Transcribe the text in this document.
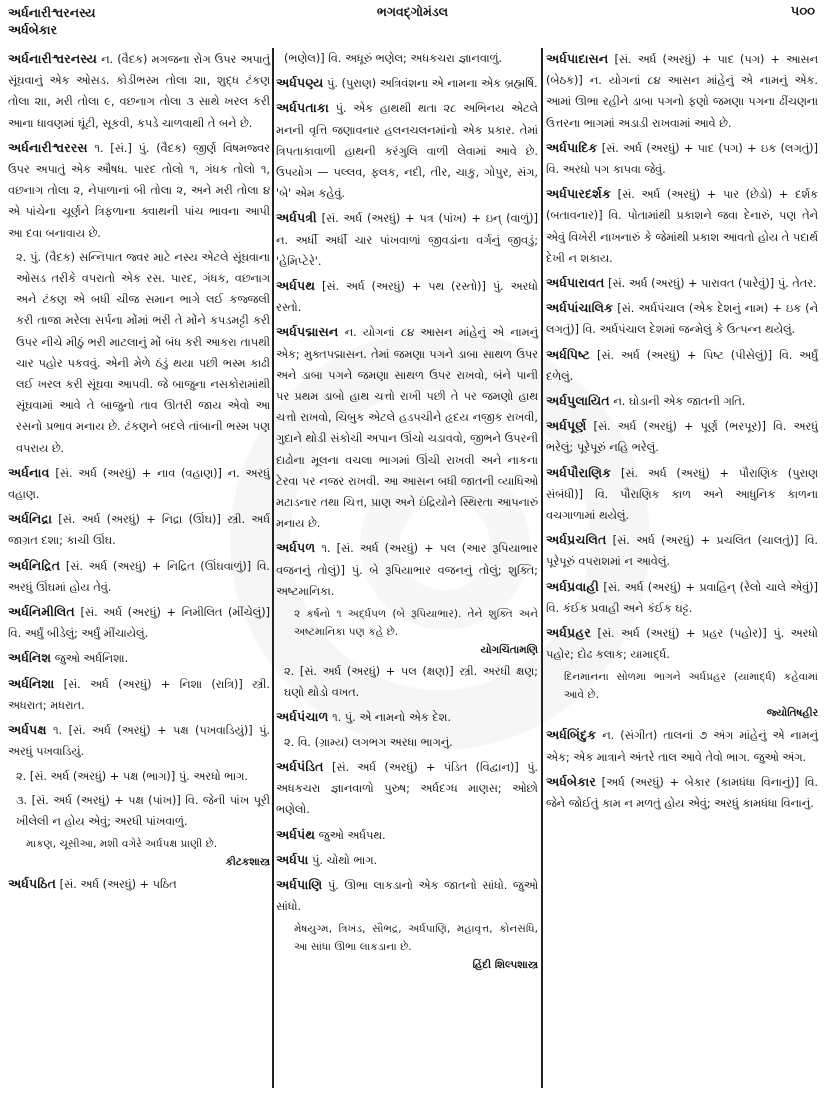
અર્ધનારીશ્વરનસ્ય
અર્ધબેકાર
ભગવદ્ગોમંડલ	૫૦૦
અર્ધનારીશ્વરનસ્ય ન. (વૈદક) મગજના રોગ ઉપર અપાતું સૂંઘવાનું એક ઓસડ. કોડીભસ્મ તોલા ૨॥, શુદ્ધ ટંકણ તોલા ૨॥, મરી તોલા ૯, વછનાગ તોલા ૩ સાથે ખરલ કરી આના ધાવણમાં ઘૂંટી, સૂકવી, કપડે ચાળવાથી તે બને છે.
અર્ધનારીશ્વરરસ ૧. [સં.] પું. (વૈદક) જીર્ણ વિષમજ્વર ઉપર અપાતું એક ઔષધ. પારદ તોલો ૧, ગંધક તોલો ૧, વછનાગ તોલા ૨, નેપાળાનાં બી તોલા ૨, અને મરી તોલા ૪ એ પાંચેના ચૂર્ણને ત્રિફળાના ક્વાથની પાંચ ભાવના આપી આ દવા બનાવાય છે.
૨. પું. (વૈદક) સન્નિપાત જ્વર માટે નસ્ય એટલે સૂંઘવાના ઓસડ તરીકે વપરાતો એક રસ. પારદ, ગંધક, વછનાગ અને ટંકણ એ બધી ચીજ સમાન ભાગે લઈ કજ્જલી કરી તાજા મરેલા સર્પના મોંમાં ભરી તે મોંને કપડમટ્ટી કરી ઉપર નીચે મીઠું ભરી માટલાનું મોં બંધ કરી આકરા તાપથી ચાર પહોર પકવવું. એની મેળે ઠંડું થયા પછી ભસ્મ કાઢી લઈ ખરલ કરી સૂંઘવા આપવી. જે બાજુના નસકોરામાંથી સૂંઘવામાં આવે તે બાજુનો તાવ ઊતરી જાય એવો આ રસનો પ્રભાવ મનાય છે. ટંકણને બદલે તાંબાની ભસ્મ પણ વપરાય છે.
અર્ધનાવ [સં. અર્ધ (અરધું) + નાવ (વહાણ)] ન. અરધું વહાણ.
અર્ધનિદ્રા [સં. અર્ધ (અરધું) + નિદ્રા (ઊંઘ)] સ્ત્રી. અર્ધ જાગ્રત દશા; કાચી ઊંઘ.
અર્ધનિદ્રિત [સં. અર્ધ (અરધું) + નિદ્રિત (ઊંઘવાળું)] વિ. અરધું ઊંઘમાં હોય તેવું.
અર્ધનિમીલિત [સં. અર્ધ (અરધું) + નિમીલિત (મીંચેલું)] વિ. અર્ધું બીડેલું; અર્ધું મીંચાયેલું.
અર્ધનિશ જુઓ અર્ધનિશા.
અર્ધનિશા [સં. અર્ધ (અરધું) + નિશા (રાત્રિ)] સ્ત્રી. અધરાત; મધરાત.
અર્ધપક્ષ ૧. [સં. અર્ધ (અરધું) + પક્ષ (પખવાડિયું)] પું. અરધું પખવાડિયું.
૨. [સં. અર્ધ (અરધું) + પક્ષ (ભાગ)] પું. અરધો ભાગ.
૩. [સં. અર્ધ (અરધું) + પક્ષ (પાંખ)] વિ. જેની પાંખ પૂરી ખીલેલી ન હોય એવું; અરધી પાંખવાળું.
માકણ, ચૂસીઆ, મશી વગેરે અર્ધપક્ષ પ્રાણી છે.
કીટકશાસ્ત્ર
અર્ધપઠિત [સં. અર્ધ (અરધું) + પઠિત
(ભણેલ)] વિ. અધૂરું ભણેલ; અધકચરા જ્ઞાનવાળું.
અર્ધપણ્ય પું. (પુરાણ) અત્રિવંશના એ નામના એક બ્રહ્મર્ષિ.
અર્ધપતાકા પું. એક હાથથી થતા ૨૮ અભિનય એટલે મનની વૃત્તિ જણાવનાર હલનચલનમાંનો એક પ્રકાર. તેમાં ત્રિપતાકાવાળી હાથની કરંગુલિ વાળી લેવામાં આવે છે. ઉપયોગ — પલ્લવ, ફલક, નદી, તીર, ચાકુ, ગોપુર, સંગ, 'બે' એમ કહેવું.
અર્ધપત્રી [સં. અર્ધ (અરધું) + પત્ર (પાંખ) + ઇન્ (વાળું)] ન. અર્ધી અર્ધી ચાર પાંખવાળાં જીવડાંના વર્ગનું જીવડું; 'હેમિપ્ટેરે'.
અર્ધપથ [સં. અર્ધ (અરધું) + પથ (રસ્તો)] પું. અરધો રસ્તો.
અર્ધપદ્માસન ન. યોગનાં ૮૪ આસન માંહેનું એ નામનું એક; મુક્તપદ્માસન. તેમાં જમણા પગને ડાબા સાથળ ઉપર અને ડાબા પગને જમણા સાથળ ઉપર રાખવો, બંને પાની પર પ્રથમ ડાબો હાથ ચત્તો રાખી પછી તે પર જમણો હાથ ચત્તો રાખવો, ચિબુક એટલે હડપચીને હૃદય નજીક રાખવી, ગુદાને થોડી સંકોચી અપાન ઊંચો ચડાવવો, જીભને ઉપરની દાઢોના મૂલના વચલા ભાગમાં ઊંચી રાખવી અને નાકના ટેરવા પર નજર રાખવી. આ આસન બધી જાતની વ્યાધિઓ મટાડનાર તથા ચિત્ત, પ્રાણ અને ઇંદ્રિયોને સ્થિરતા આપનારું મનાય છે.
અર્ધપળ ૧. [સં. અર્ધ (અરધું) + પલ (આર રૂપિયાભાર વજનનું તોલું)] પું. બે રૂપિયાભાર વજનનું તોલું; શુક્તિ; અષ્ટમાનિકા.
૨ કર્ષનો ૧ અર્દ્ધપળ (બે રૂપિયાભાર). તેને શુક્તિ અને અષ્ટમાનિકા પણ કહે છે.
યોગચિંતામણિ
૨. [સં. અર્ધ (અરધું) + પલ (ક્ષણ)] સ્ત્રી. અરધી ક્ષણ; ઘણો થોડો વખત.
અર્ધપંચાળ ૧. પું. એ નામનો એક દેશ.
૨. વિ. (ગ્રામ્ય) લગભગ અરધા ભાગનું.
અર્ધપંડિત [સં. અર્ધ (અરધું) + પંડિત (વિદ્વાન)] પું. અધકચરા જ્ઞાનવાળો પુરુષ; અર્ધદગ્ધ માણસ; ઓછો ભણેલો.
અર્ધપંથ જુઓ અર્ધપથ.
અર્ધપા પું. ચોથો ભાગ.
અર્ધપાણિ પું. ઊભા લાકડાનો એક જાતનો સાંધો. જુઓ સાંધો.
મેષયુગ્મ, ત્રિખંડ, સૌભદ્ર, અર્ધપાણિ, મહાવૃત્ત, કોનસંધિ, આ સાંધા ઊભા લાકડાના છે.
હિંદી શિલ્પશાસ્ત્ર
અર્ધપાદાસન [સં. અર્ધ (અરધું) + પાદ (પગ) + આસન (બેઠક)] ન. યોગનાં ૮૪ આસન માંહેનું એ નામનું એક. આમાં ઊભા રહીને ડાબા પગનો ફણો જમણા પગના ઢીંચણના ઉત્તરના ભાગમાં અડાડી રાખવામાં આવે છે.
અર્ધપાદિક [સં. અર્ધ (અરધું) + પાદ (પગ) + ઇક (લગતું)] વિ. અરધો પગ કાપવા જેવું.
અર્ધપારદર્શક [સં. અર્ધ (અરધું) + પાર (છેડો) + દર્શક (બતાવનાર)] વિ. પોતામાંથી પ્રકાશને જવા દેનારું, પણ તેને એવું વિખેરી નાખનારું કે જેમાંથી પ્રકાશ આવતો હોય તે પદાર્થ દેખી ન શકાય.
અર્ધપારાવત [સં. અર્ધ (અરધું) + પારાવત (પારેવું)] પું. તેતર.
અર્ધપાંચાલિક [સં. અર્ધપંચાલ (એક દેશનું નામ) + ઇક (ને લગતું)] વિ. અર્ધપંચાલ દેશમાં જન્મેલું કે ઉત્પન્ન થયેલું.
અર્ધપિષ્ટ [સં. અર્ધ (અરધું) + પિષ્ટ (પીસેલું)] વિ. અર્ધું દળેલું.
અર્ધપુલાયિત ન. ઘોડાની એક જાતની ગતિ.
અર્ધપૂર્ણ [સં. અર્ધ (અરધું) + પૂર્ણ (ભરપૂર)] વિ. અરધું ભરેલું; પૂરેપૂરું નહિ ભરેલું.
અર્ધપૌરાણિક [સં. અર્ધ (અરધું) + પૌરાણિક (પુરાણ સંબંધી)] વિ. પૌરાણિક કાળ અને આધુનિક કાળના વચગાળામાં થયેલું.
અર્ધપ્રચલિત [સં. અર્ધ (અરધું) + પ્રચલિત (ચાલતું)] વિ. પૂરેપૂરું વપરાશમાં ન આવેલું.
અર્ધપ્રવાહી [સં. અર્ધ (અરધું) + પ્રવાહિન્ (રેલો ચાલે એવું)] વિ. કંઈક પ્રવાહી અને કંઈક ઘટ્ટ.
અર્ધપ્રહર [સં. અર્ધ (અરધું) + પ્રહર (પહોર)] પું. અરધો પહોર; દોઢ કલાક; યામાર્દ્ધ.
દિનમાનના સોળમા ભાગને અર્ધપ્રહર (યામાર્દ્ધ) કહેવામાં આવે છે.
જ્યોતિષહીર
અર્ધબિંદુક ન. (સંગીત) તાલનાં ૭ અંગ માંહેનું એ નામનું એક; એક માત્રાને અંતરે તાલ આવે તેવો ભાગ. જુઓ અંગ.
અર્ધબેકાર [અર્ધ (અરધું) + બેકાર (કામધંધા વિનાનું)] વિ. જેને જોઈતું કામ ન મળતું હોય એવું; અરધું કામધંધા વિનાનું.
